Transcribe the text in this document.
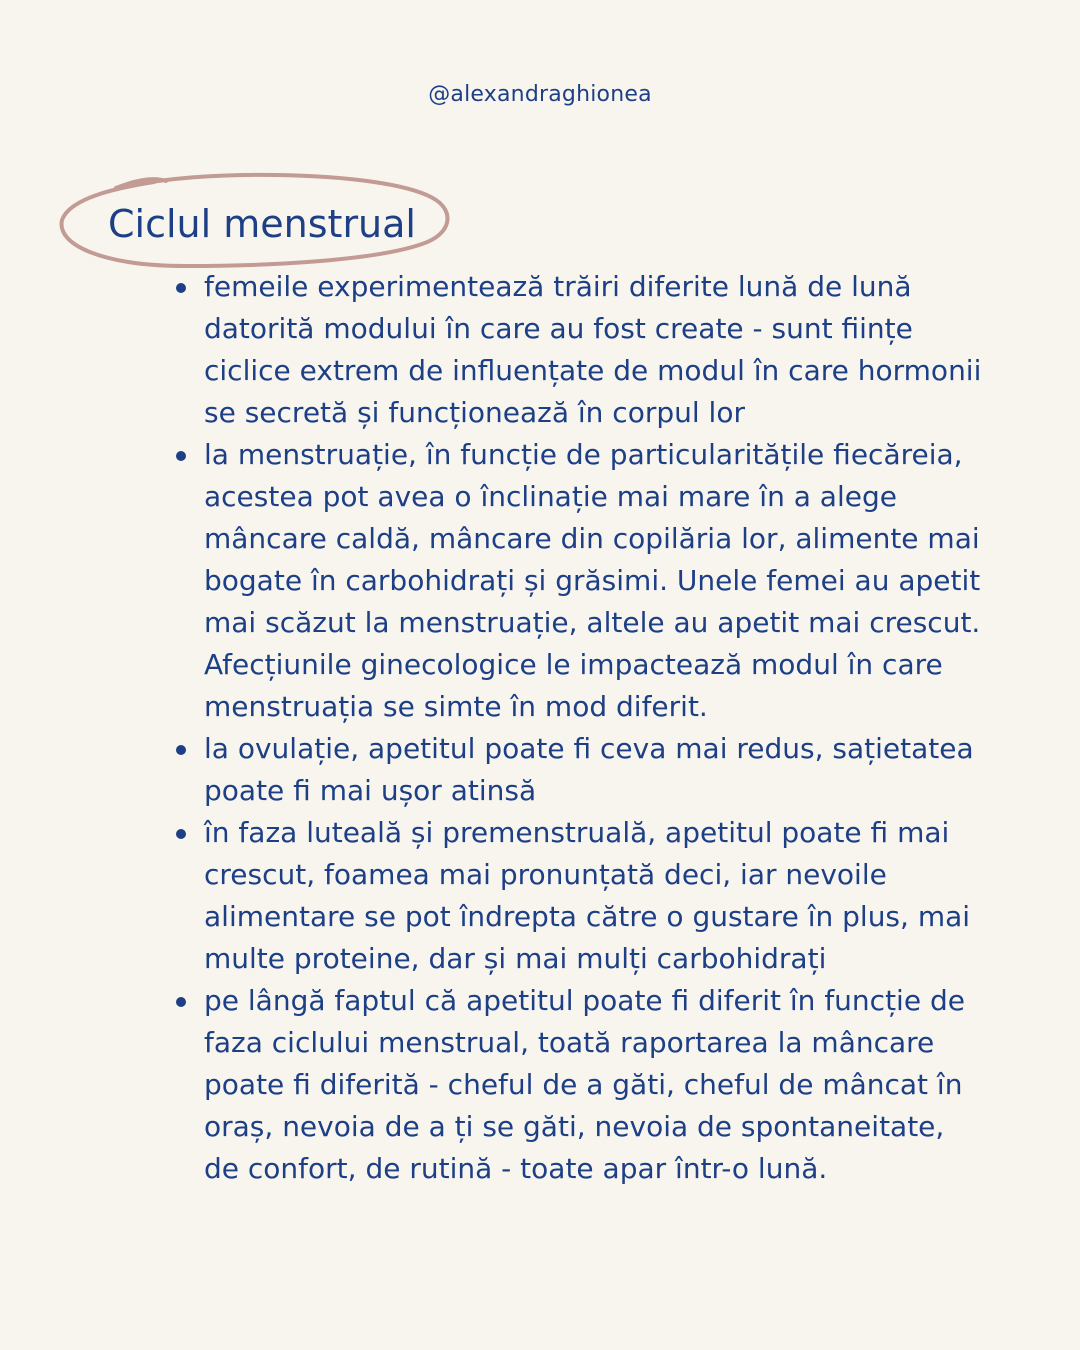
@alexandraghionea
Ciclul menstrual
femeile experimentează trăiri diferite lună de lună datorită modului în care au fost create - sunt ființe ciclice extrem de influențate de modul în care hormonii se secretă și funcționează în corpul lor
la menstruație, în funcție de particularitățile fiecăreia, acestea pot avea o înclinație mai mare în a alege mâncare caldă, mâncare din copilăria lor, alimente mai bogate în carbohidrați și grăsimi. Unele femei au apetit mai scăzut la menstruație, altele au apetit mai crescut. Afecțiunile ginecologice le impactează modul în care menstruația se simte în mod diferit.
la ovulație, apetitul poate fi ceva mai redus, sațietatea poate fi mai ușor atinsă
în faza luteală și premenstruală, apetitul poate fi mai crescut, foamea mai pronunțată deci, iar nevoile alimentare se pot îndrepta către o gustare în plus, mai multe proteine, dar și mai mulți carbohidrați
pe lângă faptul că apetitul poate fi diferit în funcție de faza ciclului menstrual, toată raportarea la mâncare poate fi diferită - cheful de a găti, cheful de mâncat în oraș, nevoia de a ți se găti, nevoia de spontaneitate, de confort, de rutină - toate apar într-o lună.
